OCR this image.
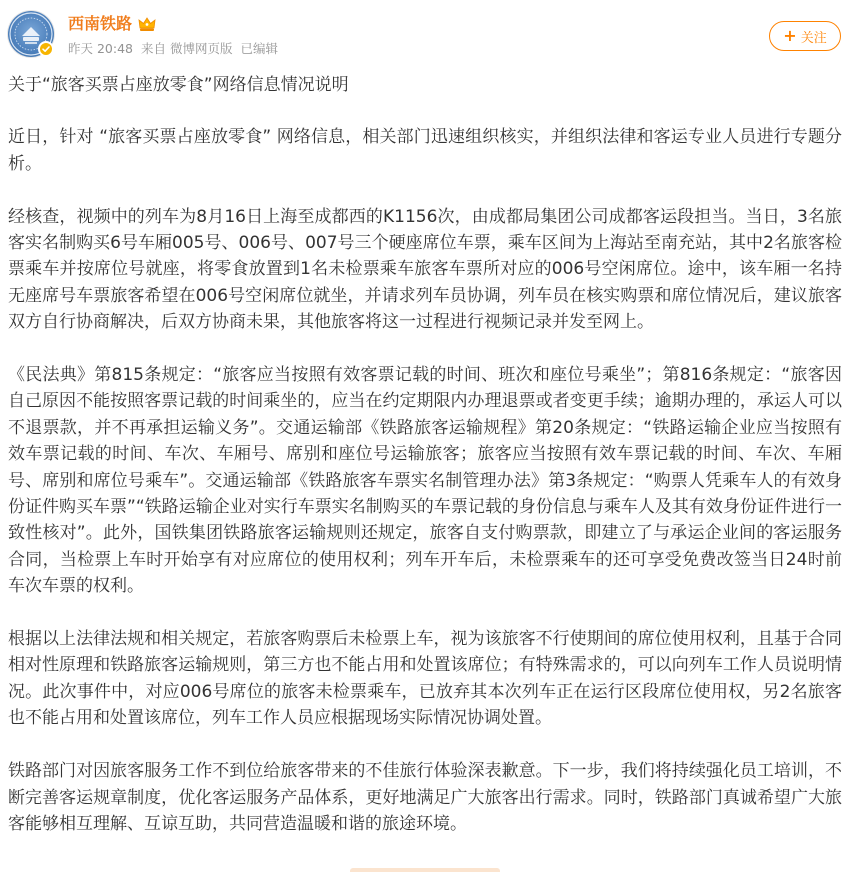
西南铁路
昨天 20:48 来自 微博网页版 已编辑
+ 关注

关于“旅客买票占座放零食”网络信息情况说明

近日，针对 “旅客买票占座放零食” 网络信息，相关部门迅速组织核实，并组织法律和客运专业人员进行专题分析。

经核查，视频中的列车为8月16日上海至成都西的K1156次，由成都局集团公司成都客运段担当。当日，3名旅客实名制购买6号车厢005号、006号、007号三个硬座席位车票，乘车区间为上海站至南充站，其中2名旅客检票乘车并按席位号就座，将零食放置到1名未检票乘车旅客车票所对应的006号空闲席位。途中，该车厢一名持无座席号车票旅客希望在006号空闲席位就坐，并请求列车员协调，列车员在核实购票和席位情况后，建议旅客双方自行协商解决，后双方协商未果，其他旅客将这一过程进行视频记录并发至网上。

《民法典》第815条规定：“旅客应当按照有效客票记载的时间、班次和座位号乘坐”；第816条规定：“旅客因自己原因不能按照客票记载的时间乘坐的，应当在约定期限内办理退票或者变更手续；逾期办理的，承运人可以不退票款，并不再承担运输义务”。交通运输部《铁路旅客运输规程》第20条规定：“铁路运输企业应当按照有效车票记载的时间、车次、车厢号、席别和座位号运输旅客；旅客应当按照有效车票记载的时间、车次、车厢号、席别和席位号乘车”。交通运输部《铁路旅客车票实名制管理办法》第3条规定：“购票人凭乘车人的有效身份证件购买车票”“铁路运输企业对实行车票实名制购买的车票记载的身份信息与乘车人及其有效身份证件进行一致性核对”。此外，国铁集团铁路旅客运输规则还规定，旅客自支付购票款，即建立了与承运企业间的客运服务合同，当检票上车时开始享有对应席位的使用权利；列车开车后，未检票乘车的还可享受免费改签当日24时前车次车票的权利。

根据以上法律法规和相关规定，若旅客购票后未检票上车，视为该旅客不行使期间的席位使用权利，且基于合同相对性原理和铁路旅客运输规则，第三方也不能占用和处置该席位；有特殊需求的，可以向列车工作人员说明情况。此次事件中，对应006号席位的旅客未检票乘车，已放弃其本次列车正在运行区段席位使用权，另2名旅客也不能占用和处置该席位，列车工作人员应根据现场实际情况协调处置。

铁路部门对因旅客服务工作不到位给旅客带来的不佳旅行体验深表歉意。下一步，我们将持续强化员工培训，不断完善客运规章制度，优化客运服务产品体系，更好地满足广大旅客出行需求。同时，铁路部门真诚希望广大旅客能够相互理解、互谅互助，共同营造温暖和谐的旅途环境。
